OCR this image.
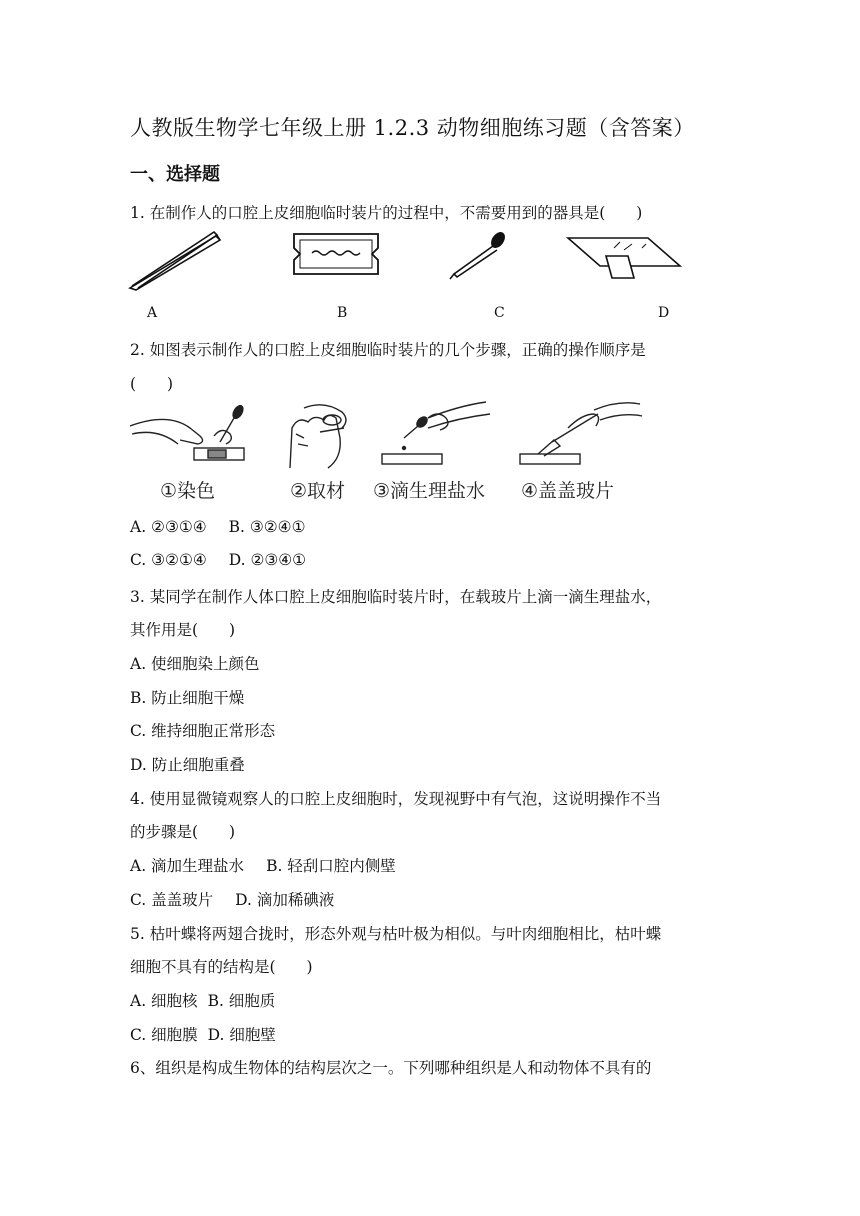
人教版生物学七年级上册 1.2.3 动物细胞练习题（含答案）
一、选择题
1. 在制作人的口腔上皮细胞临时装片的过程中，不需要用到的器具是(　　)
A	B	C	D
2. 如图表示制作人的口腔上皮细胞临时装片的几个步骤，正确的操作顺序是
(　　)
①染色	②取材 ③滴生理盐水 ④盖盖玻片
A. ②③①④ B. ③②④①
C. ③②①④ D. ②③④①
3. 某同学在制作人体口腔上皮细胞临时装片时，在载玻片上滴一滴生理盐水，
其作用是(　　)
A. 使细胞染上颜色
B. 防止细胞干燥
C. 维持细胞正常形态
D. 防止细胞重叠
4. 使用显微镜观察人的口腔上皮细胞时，发现视野中有气泡，这说明操作不当
的步骤是(　　)
A. 滴加生理盐水 B. 轻刮口腔内侧壁
C. 盖盖玻片 D. 滴加稀碘液
5. 枯叶蝶将两翅合拢时，形态外观与枯叶极为相似。与叶肉细胞相比，枯叶蝶
细胞不具有的结构是(　　)
A. 细胞核 B. 细胞质
C. 细胞膜 D. 细胞壁
6、组织是构成生物体的结构层次之一。下列哪种组织是人和动物体不具有的
